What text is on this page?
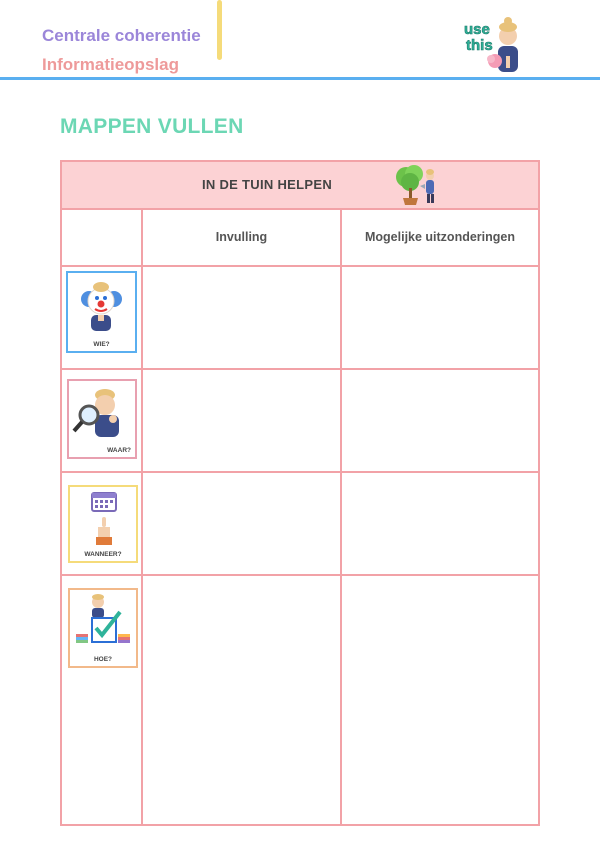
Centrale coherentie
Informatieopslag
use
this
MAPPEN VULLEN
IN DE TUIN HELPEN
Invulling	Mogelijke uitzonderingen
WIE?
WAAR?
WANNEER?
HOE?
